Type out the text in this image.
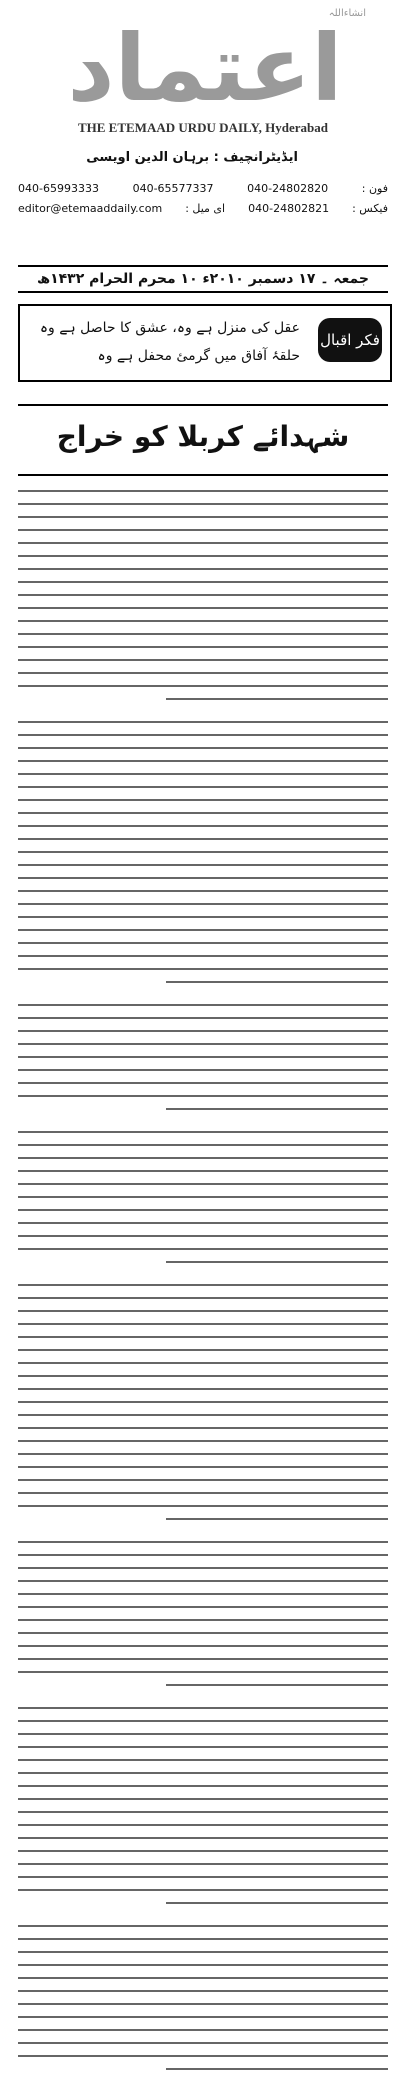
انشاءاللہ
اعتماد
THE ETEMAAD URDU DAILY, Hyderabad
ایڈیٹرانچیف : برہان الدین اویسی
040-65993333	040-65577337	040-24802820	: فون
editor@etemaaddaily.com : ای میل 040-24802821 : فیکس
جمعہ ۔ ۱۷ دسمبر ۲۰۱۰ء ۱۰ محرم الحرام ۱۴۳۲ھ
فکر اقبال
عقل کی منزل ہے وہ، عشق کا حاصل ہے وہ
حلقۂ آفاق میں گرمئ محفل ہے وہ
شہدائے کربلا کو خراج
